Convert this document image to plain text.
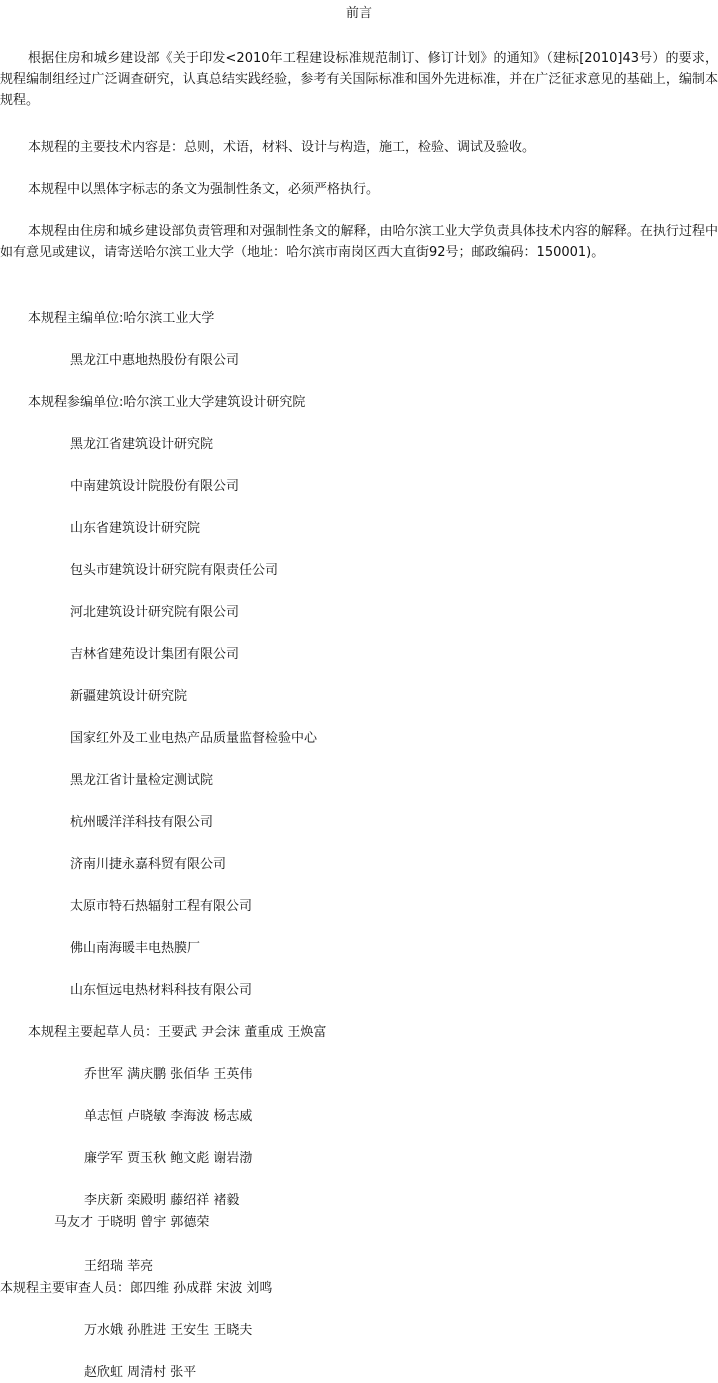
前言
根据住房和城乡建设部《关于印发<2010年工程建设标准规范制订、修订计划》的通知》（建标[2010]43号）的要求，规程编制组经过广泛调查研究，认真总结实践经验，参考有关国际标准和国外先进标准，并在广泛征求意见的基础上，编制本规程。
本规程的主要技术内容是：总则，术语，材料、设计与构造，施工，检验、调试及验收。
本规程中以黑体字标志的条文为强制性条文，必须严格执行。
本规程由住房和城乡建设部负责管理和对强制性条文的解释，由哈尔滨工业大学负责具体技术内容的解释。在执行过程中如有意见或建议，请寄送哈尔滨工业大学（地址：哈尔滨市南岗区西大直街92号；邮政编码：150001)。
本规程主编单位:哈尔滨工业大学
黑龙江中惠地热股份有限公司
本规程参编单位:哈尔滨工业大学建筑设计研究院
黑龙江省建筑设计研究院
中南建筑设计院股份有限公司
山东省建筑设计研究院
包头市建筑设计研究院有限责任公司
河北建筑设计研究院有限公司
吉林省建苑设计集团有限公司
新疆建筑设计研究院
国家红外及工业电热产品质量监督检验中心
黑龙江省计量检定测试院
杭州暖洋洋科技有限公司
济南川捷永嘉科贸有限公司
太原市特石热辐射工程有限公司
佛山南海暖丰电热膜厂
山东恒远电热材料科技有限公司
本规程主要起草人员：王要武 尹会沫 董重成 王焕富
乔世军 满庆鹏 张佰华 王英伟
单志恒 卢晓敏 李海波 杨志威
廉学军 贾玉秋 鲍文彪 谢岩渤
李庆新 栾殿明 藤绍祥 褚毅
马友才 于晓明 曾宇 郭德荣
王绍瑞 莘亮
本规程主要审查人员：郎四维 孙成群 宋波 刘鸣
万水娥 孙胜进 王安生 王晓夫
赵欣虹 周清村 张平
